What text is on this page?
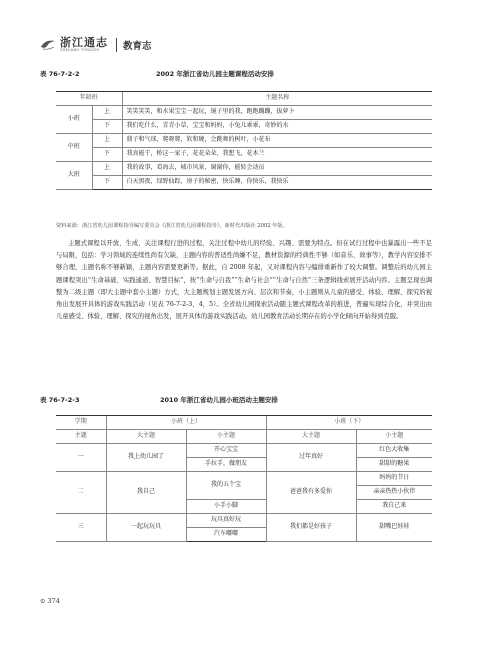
浙江通志
ZHEJIANG TONGZHI	教育志
表 76-7-2-2	2002 年浙江省幼儿园主题课程活动安排
年龄班		主题名称
小班	上	笑笑笑笑，和水果宝宝一起玩，镜子里的我，跑跑蹦蹦，拔萝卜
	下	我们吃什么，青青小草，宝宝和妈妈，小兔儿乖乖，奇妙的水
中班	上	鼎子和气球，爬呀爬，软和硬，会跳舞的树叶，小花布
	下	我真能干，桥这一家子，花花朵朵，我想飞，花木兰
大班	上	我的故事，看海去，城市风景，谢谢你，能转会动员
	下	白天黑夜，绿野仙踪，房子的秘密，快乐睡，你快乐，我快乐
资料来源：浙江省幼儿园课程指导编写委员会《浙江省幼儿园课程指导》，新时代出版社 2002 年版。

主题式课程以开放、生成、关注课程行进的过程，关注过程中幼儿的经验、兴趣、需要为特点。但在试行过程中也暴露出一些不足与局限，包括：学习领域的连续性尚有欠缺，主题内容的普适性尚嫌不足，教材资源的经典性不够（如音乐、故事等），教学内容安排不够合理，主题名称不够新颖，主题内容需要更新等。据此，自 2008 年起，又对课程内容与编排重新作了较大调整。调整后的幼儿园主题课程突出“生命基础、实践通道、智慧目标”，按“生命与自我”“生命与社会”“生命与自然”三条逻辑线索展开活动内容。主题呈现也调整为二级主题（即大主题中套小主题）方式，大主题规划主题发展方向、层次和节奏，小主题则从儿童的感受、体验、理解、探究的视角出发展开具体的游戏实践活动（见表 76-7-2-3，4，5）。全省幼儿园探索活动随主题式课程改革的推进，普遍实现综合化，并突出由儿童感受、体验、理解、探究的视角出发，展开具体的游戏实践活动。幼儿园教育活动长期存在的小学化倾向开始得到克服。

表 76-7-2-3	2010 年浙江省幼儿园小班活动主题安排
学期	小班（上）		小班（下）	
主题	大主题	小主题	大主题	小主题
一	我上幼儿园了	开心宝宝	过年真好	红色大收集
		手拉手，做朋友		甜甜的糖果
二	我自己	我的五个宝	爸爸我有多爱你	妈妈的节日
				亲亲热热小伙伴
		小手小脚		我自己来
三	一起玩玩具	玩具真好玩	我们都是好孩子	甜嘴巴娃娃
		汽车嘟嘟		
⊙ 374
